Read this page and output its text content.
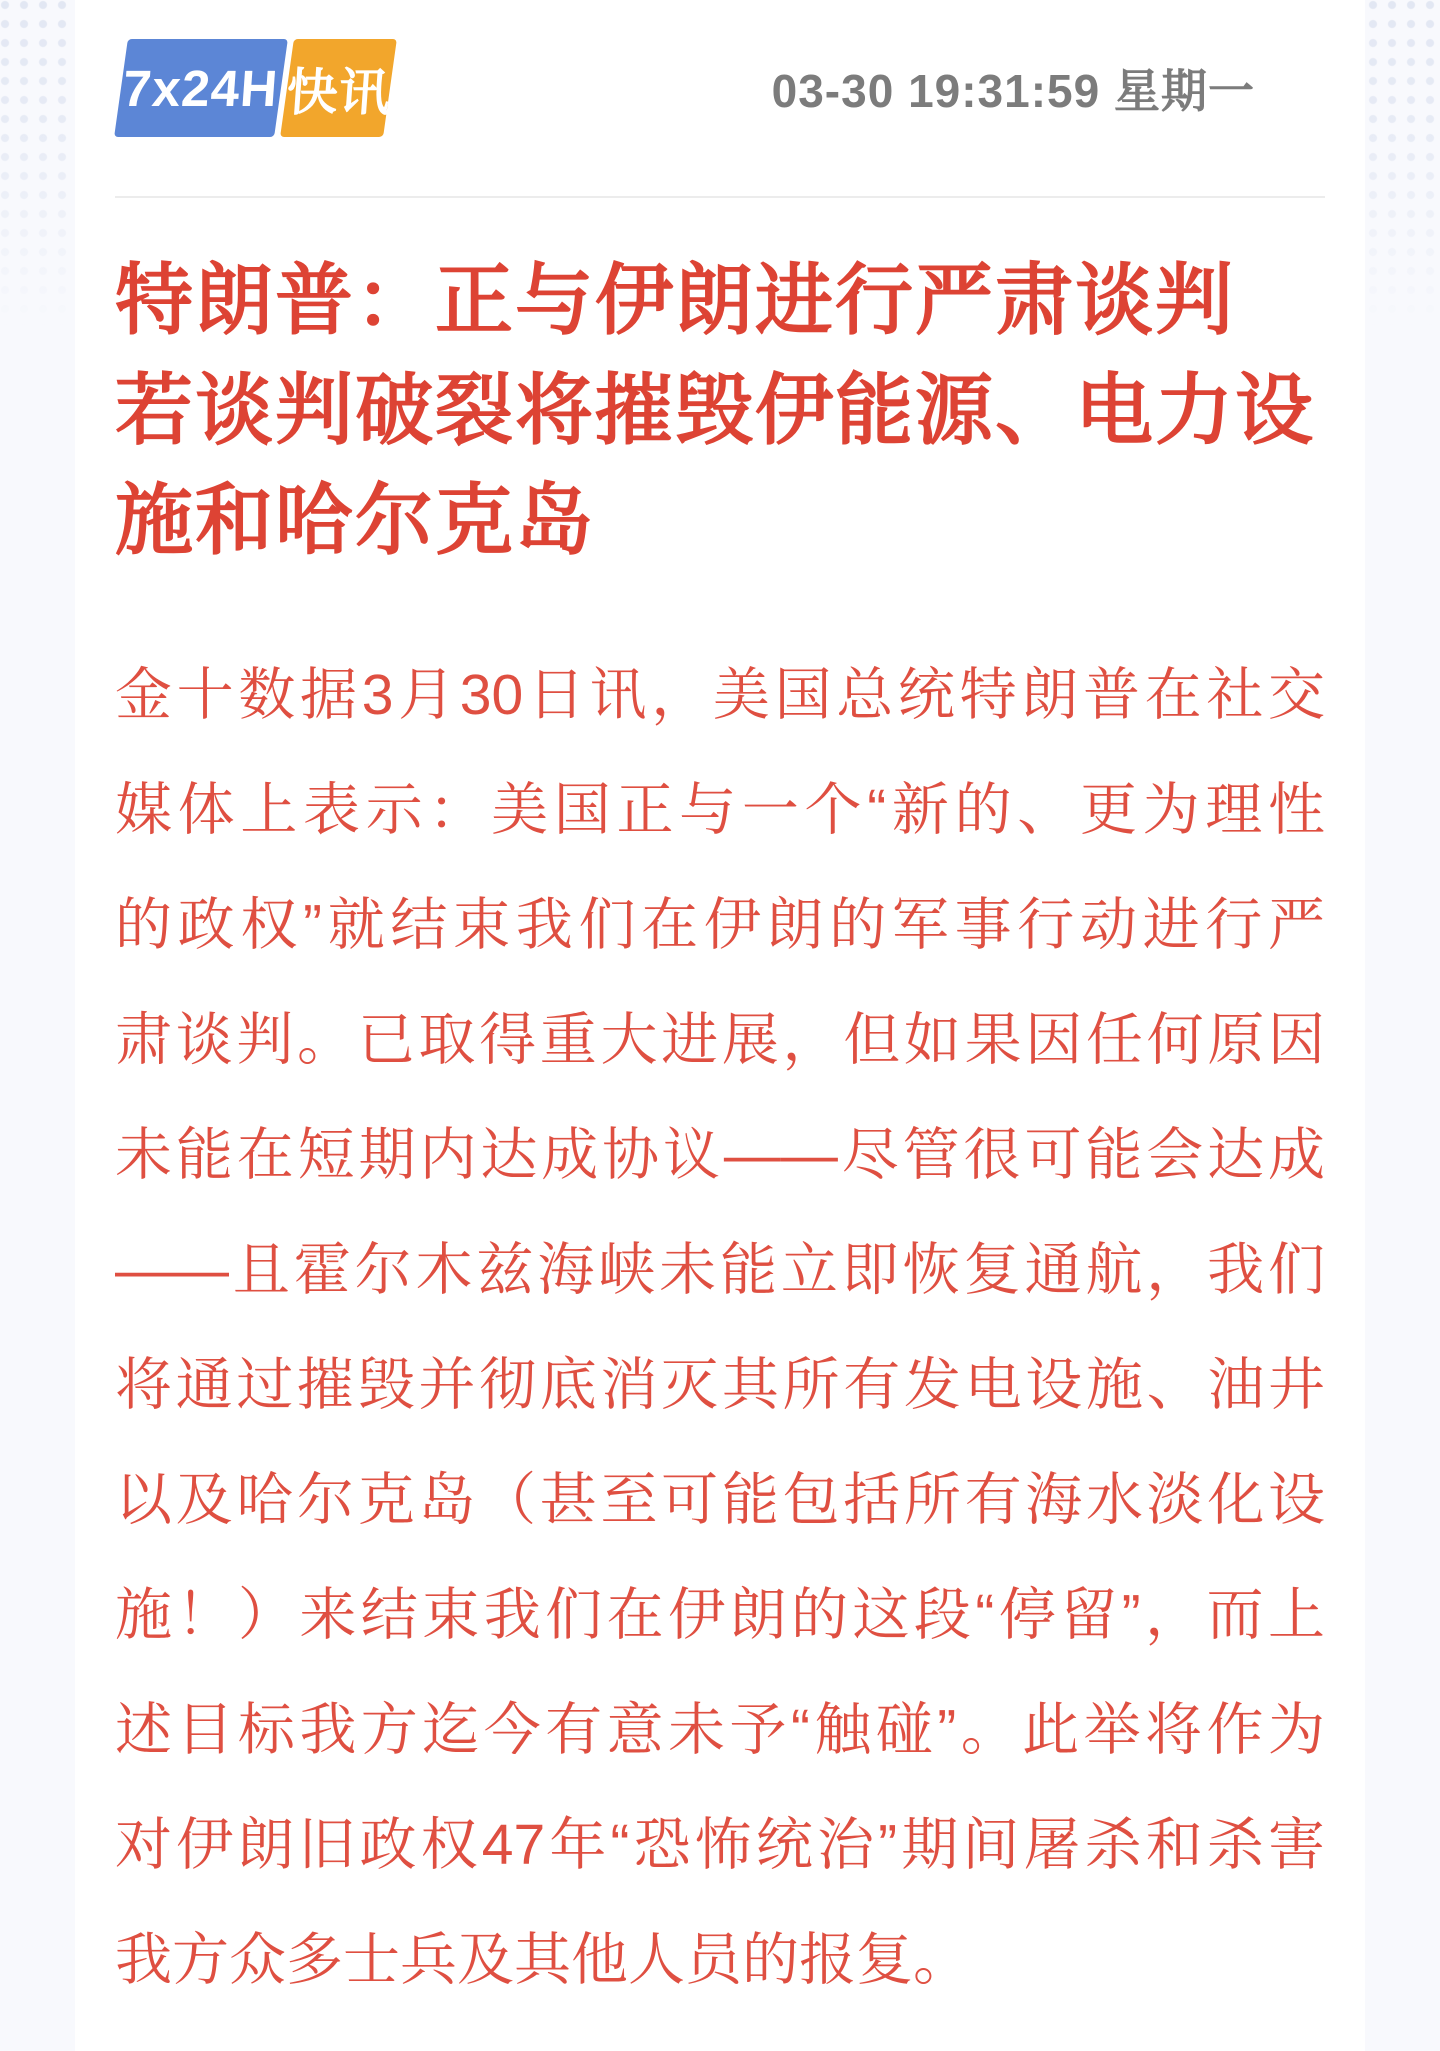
7x24H 快讯	03-30 19:31:59 星期一
特朗普：正与伊朗进行严肃谈判
若谈判破裂将摧毁伊能源、电力设
施和哈尔克岛
金十数据3月30日讯，美国总统特朗普在社交
媒体上表示：美国正与一个“新的、更为理性
的政权”就结束我们在伊朗的军事行动进行严
肃谈判。已取得重大进展，但如果因任何原因
未能在短期内达成协议——尽管很可能会达成
——且霍尔木兹海峡未能立即恢复通航，我们
将通过摧毁并彻底消灭其所有发电设施、油井
以及哈尔克岛（甚至可能包括所有海水淡化设
施！）来结束我们在伊朗的这段“停留”，而上
述目标我方迄今有意未予“触碰”。此举将作为
对伊朗旧政权47年“恐怖统治”期间屠杀和杀害
我方众多士兵及其他人员的报复。
